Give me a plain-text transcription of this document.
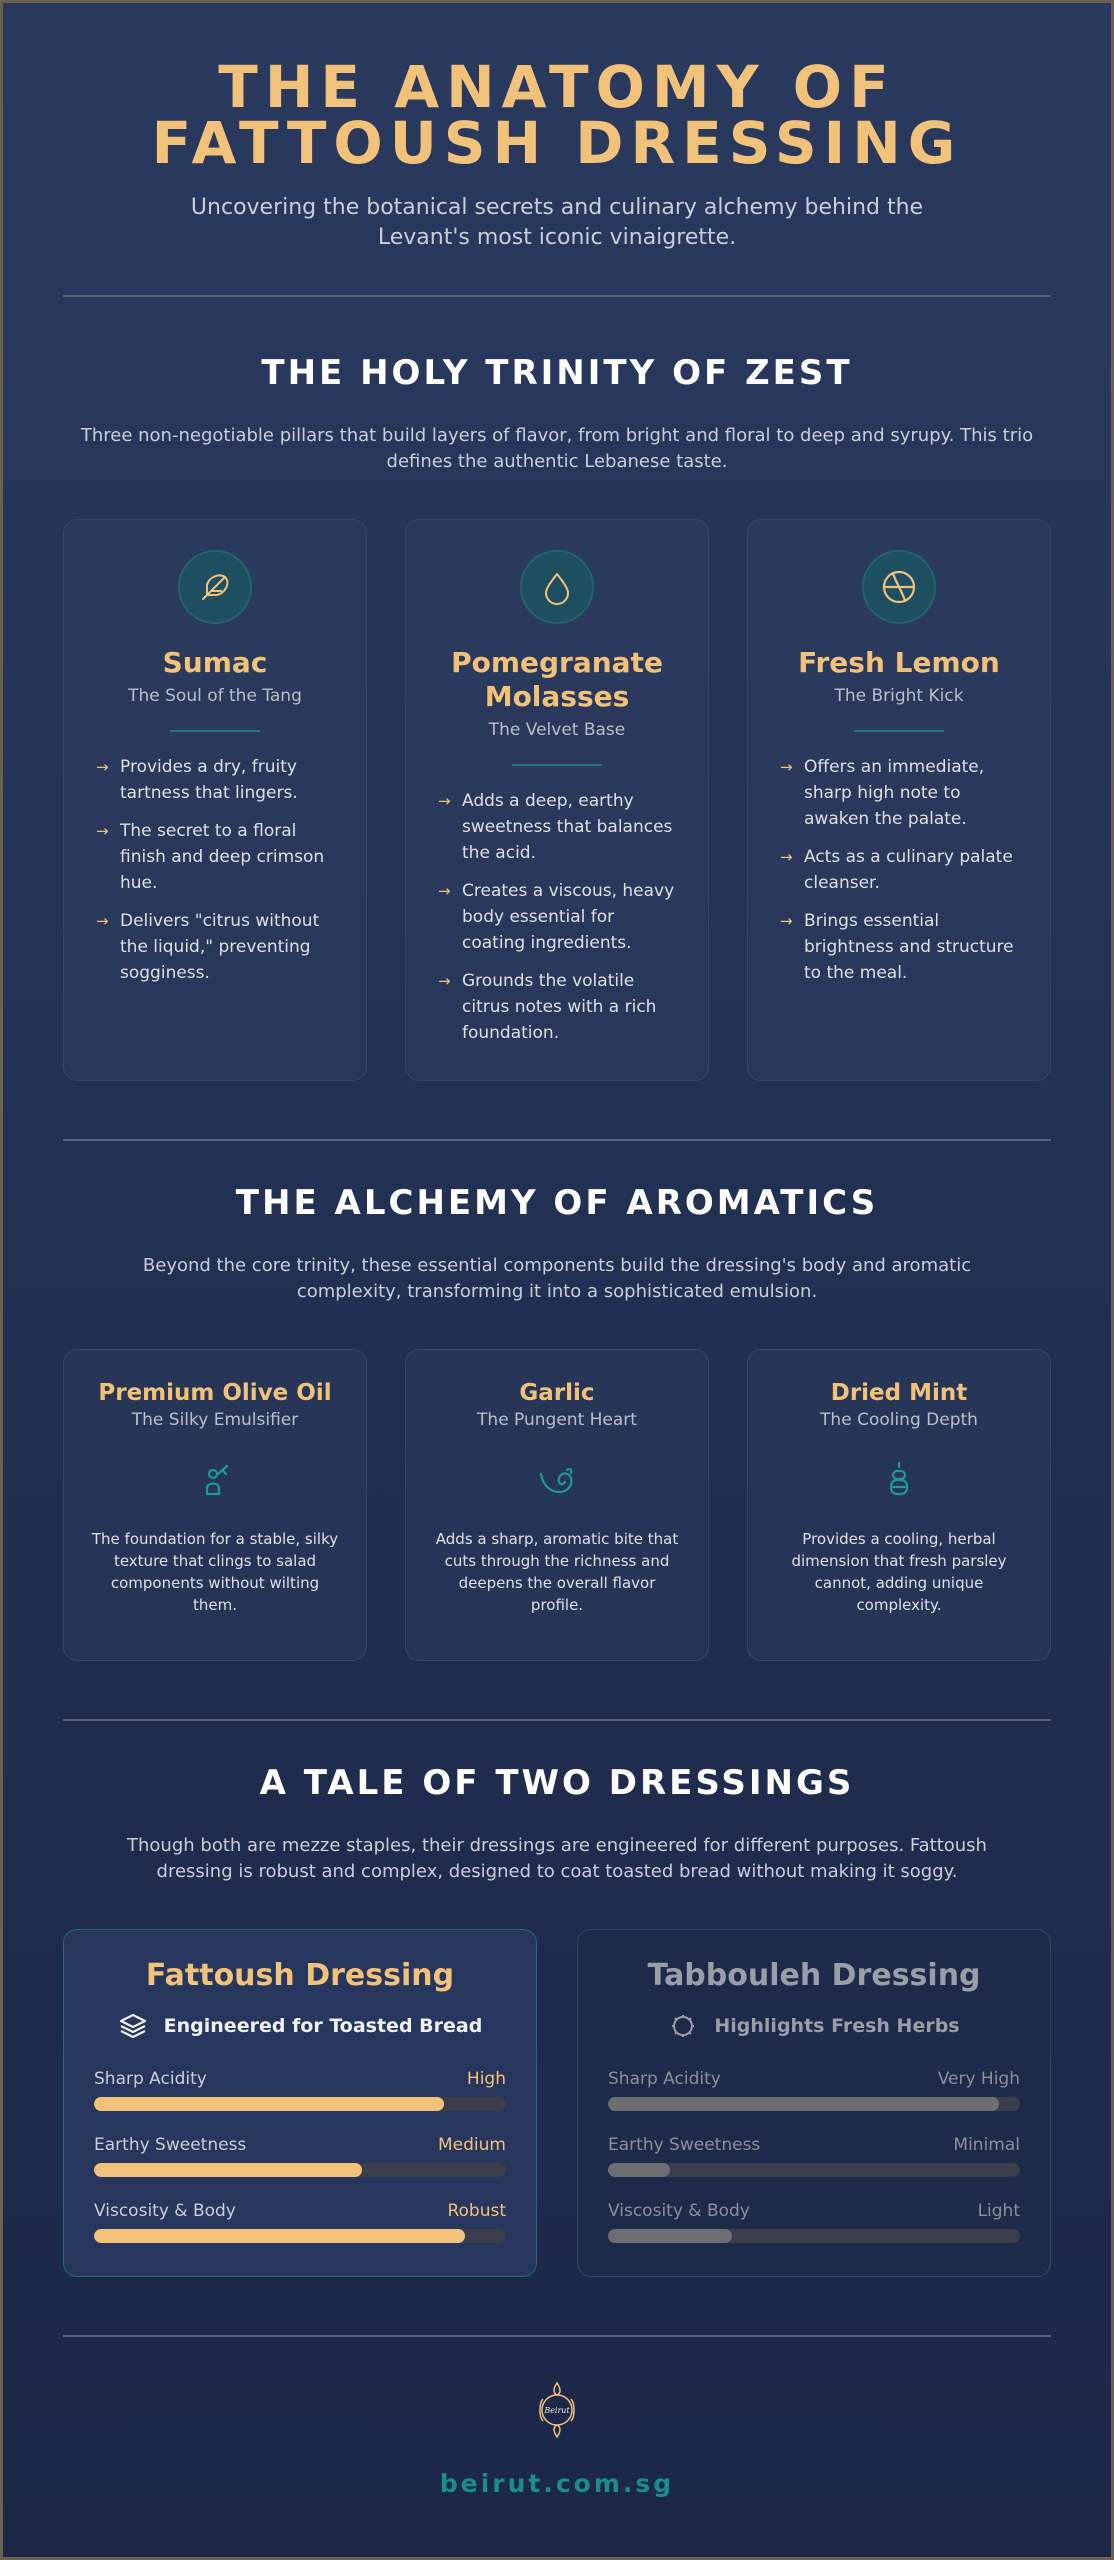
THE ANATOMY OF
FATTOUSH DRESSING
Uncovering the botanical secrets and culinary alchemy behind the Levant's most iconic vinaigrette.
THE HOLY TRINITY OF ZEST
Three non-negotiable pillars that build layers of flavor, from bright and floral to deep and syrupy. This trio defines the authentic Lebanese taste.
Sumac
The Soul of the Tang
→ Provides a dry, fruity tartness that lingers.
→ The secret to a floral finish and deep crimson hue.
→ Delivers "citrus without the liquid," preventing sogginess.
Pomegranate Molasses
The Velvet Base
→ Adds a deep, earthy sweetness that balances the acid.
→ Creates a viscous, heavy body essential for coating ingredients.
→ Grounds the volatile citrus notes with a rich foundation.
Fresh Lemon
The Bright Kick
→ Offers an immediate, sharp high note to awaken the palate.
→ Acts as a culinary palate cleanser.
→ Brings essential brightness and structure to the meal.
THE ALCHEMY OF AROMATICS
Beyond the core trinity, these essential components build the dressing's body and aromatic complexity, transforming it into a sophisticated emulsion.
Premium Olive Oil
The Silky Emulsifier
The foundation for a stable, silky texture that clings to salad components without wilting them.
Garlic
The Pungent Heart
Adds a sharp, aromatic bite that cuts through the richness and deepens the overall flavor profile.
Dried Mint
The Cooling Depth
Provides a cooling, herbal dimension that fresh parsley cannot, adding unique complexity.
A TALE OF TWO DRESSINGS
Though both are mezze staples, their dressings are engineered for different purposes. Fattoush dressing is robust and complex, designed to coat toasted bread without making it soggy.
Fattoush Dressing
Engineered for Toasted Bread
Sharp Acidity	High
Earthy Sweetness	Medium
Viscosity & Body	Robust
Tabbouleh Dressing
Highlights Fresh Herbs
Sharp Acidity	Very High
Earthy Sweetness	Minimal
Viscosity & Body	Light
Beirut
beirut.com.sg
